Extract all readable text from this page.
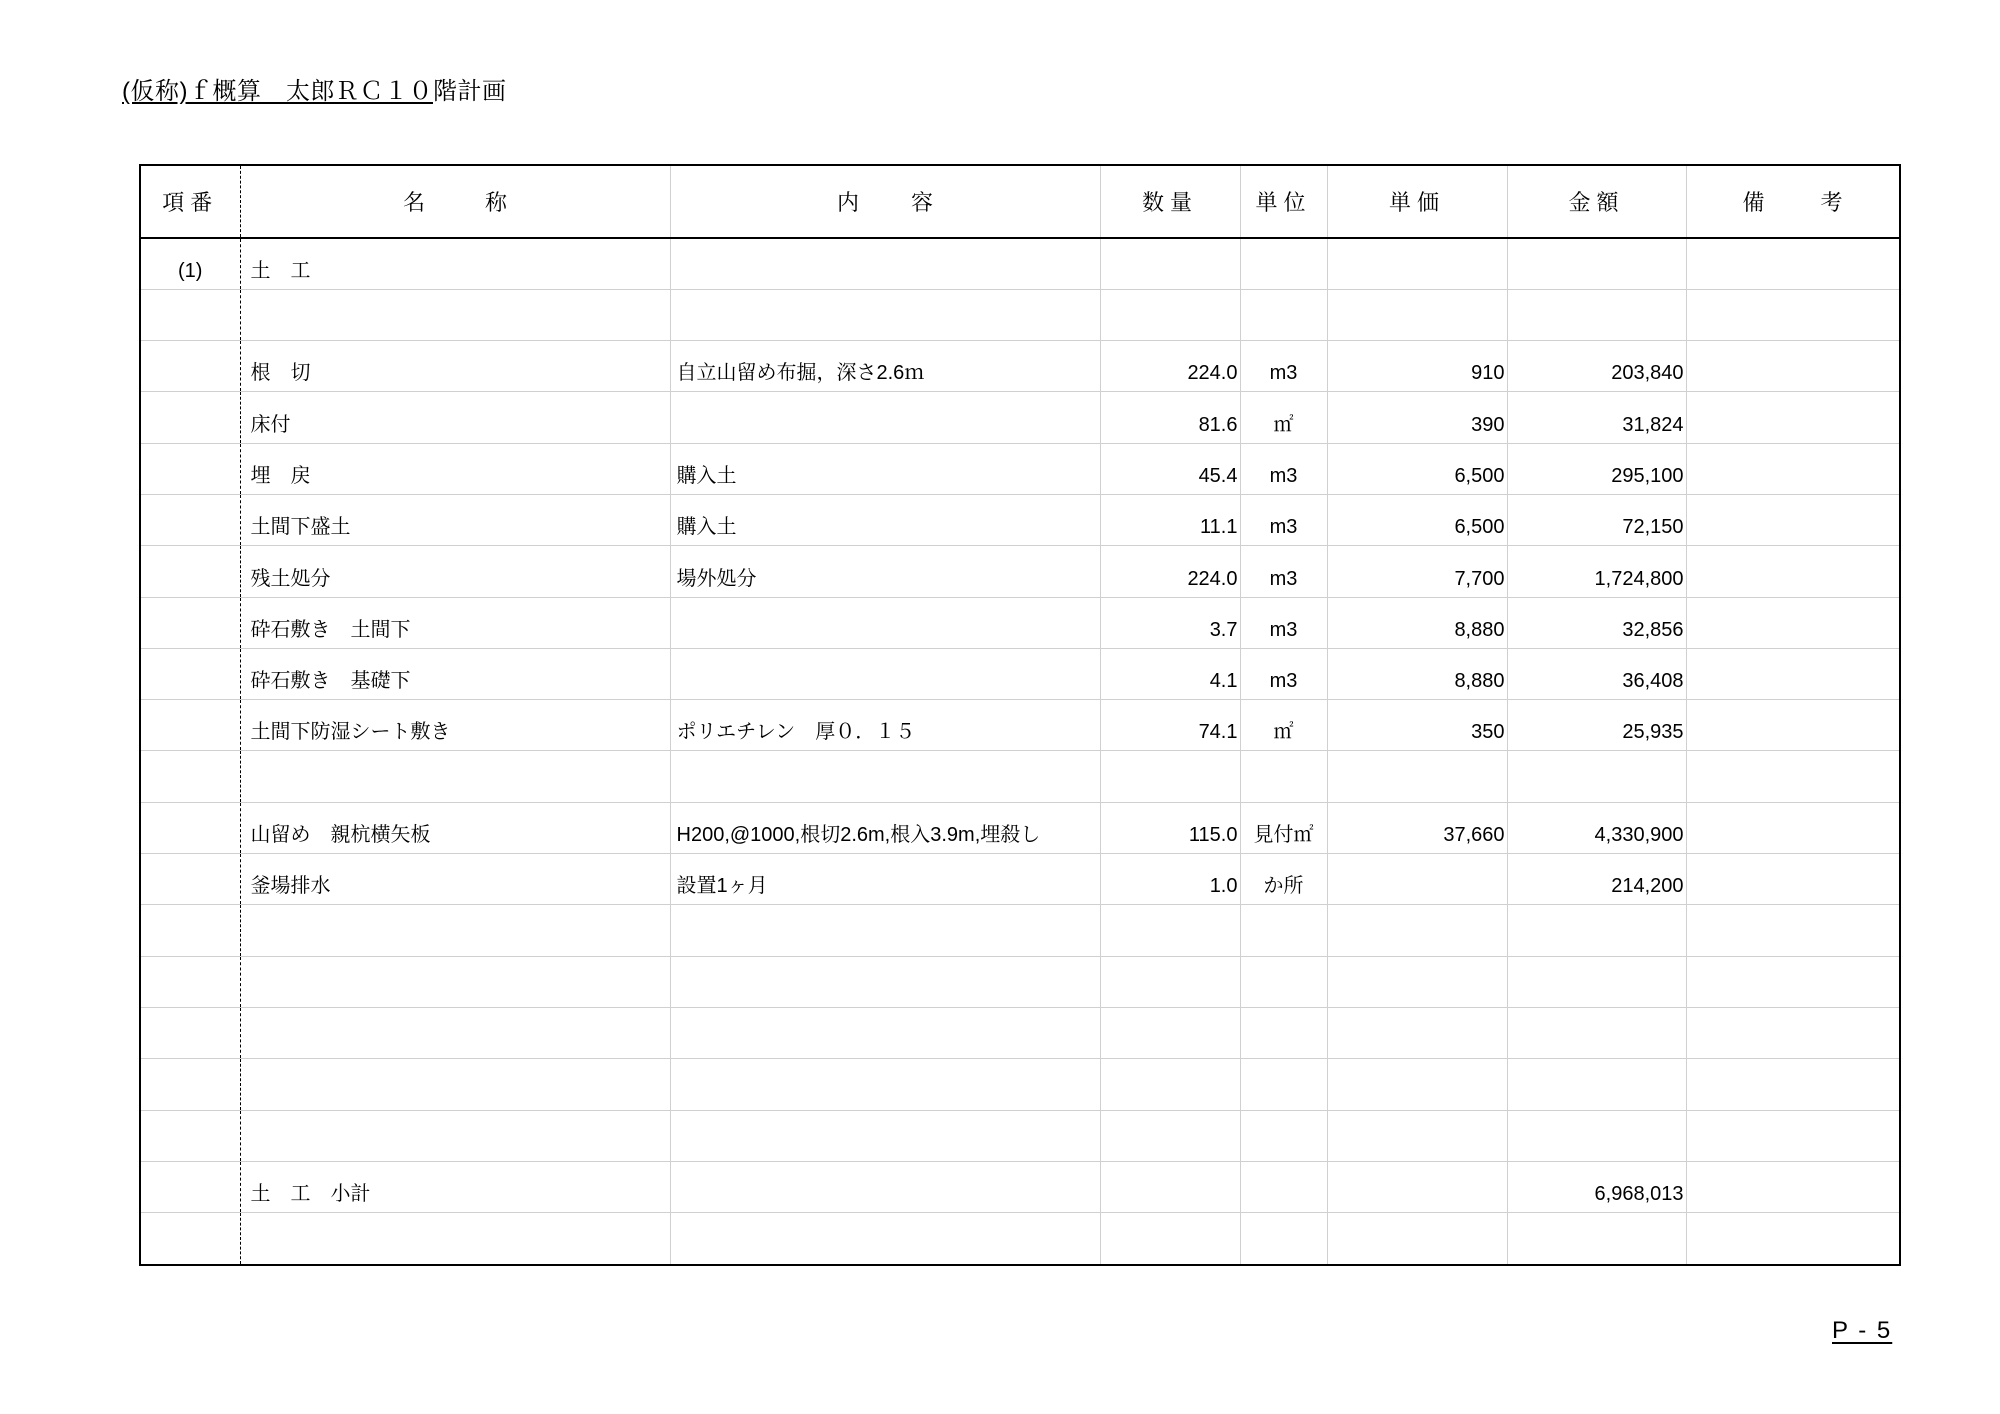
(仮称)ｆ概算　太郎ＲＣ１０階計画
項番	名称	内容	数量	単位	単価	金額	備考
(1)	土　工						

	根　切	自立山留め布掘，深さ2.6ｍ	224.0	m3	910	203,840	
	床付		81.6	㎡	390	31,824	
	埋　戻	購入土	45.4	m3	6,500	295,100	
	土間下盛土	購入土	11.1	m3	6,500	72,150	
	残土処分	場外処分	224.0	m3	7,700	1,724,800	
	砕石敷き　土間下		3.7	m3	8,880	32,856	
	砕石敷き　基礎下		4.1	m3	8,880	36,408	
	土間下防湿シート敷き	ポリエチレン　厚０．１５	74.1	㎡	350	25,935	

	山留め　親杭横矢板	H200,@1000,根切2.6m,根入3.9m,埋殺し	115.0	見付㎡	37,660	4,330,900	
	釜場排水	設置1ヶ月	1.0	か所		214,200	

	土　工　小計					6,968,013	

P - 5
